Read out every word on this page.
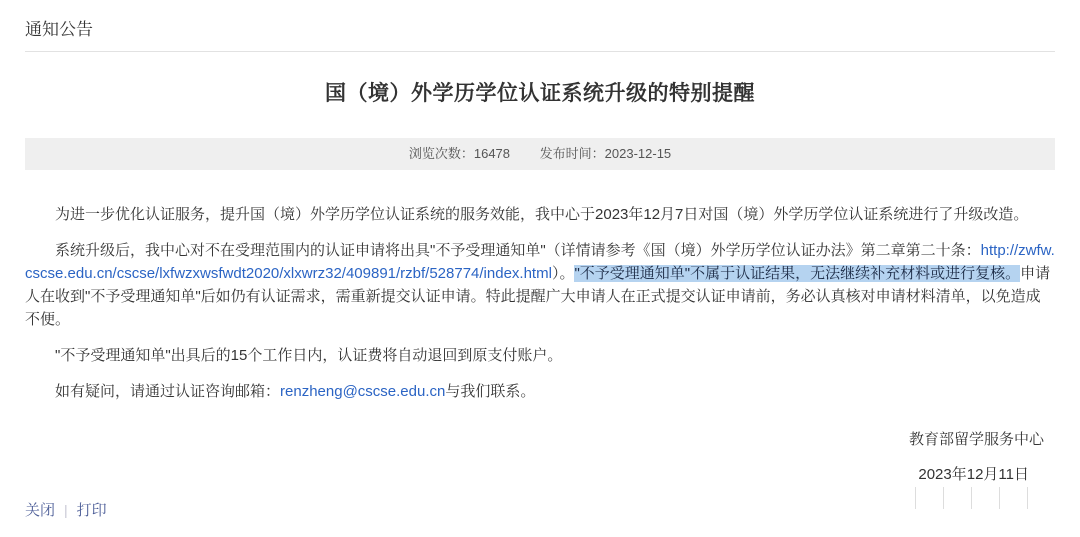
通知公告
国（境）外学历学位认证系统升级的特别提醒
浏览次数：16478 发布时间：2023-12-15

为进一步优化认证服务，提升国（境）外学历学位认证系统的服务效能，我中心于2023年12月7日对国（境）外学历学位认证系统进行了升级改造。

系统升级后，我中心对不在受理范围内的认证申请将出具"不予受理通知单"（详情请参考《国（境）外学历学位认证办法》第二章第二十条：http://zwfw.cscse.edu.cn/cscse/lxfwzxwsfwdt2020/xlxwrz32/409891/rzbf/528774/index.html）。"不予受理通知单"不属于认证结果，无法继续补充材料或进行复核。申请人在收到"不予受理通知单"后如仍有认证需求，需重新提交认证申请。特此提醒广大申请人在正式提交认证申请前，务必认真核对申请材料清单，以免造成不便。

"不予受理通知单"出具后的15个工作日内，认证费将自动退回到原支付账户。

如有疑问，请通过认证咨询邮箱：renzheng@cscse.edu.cn与我们联系。

教育部留学服务中心
2023年12月11日
关闭 | 打印
